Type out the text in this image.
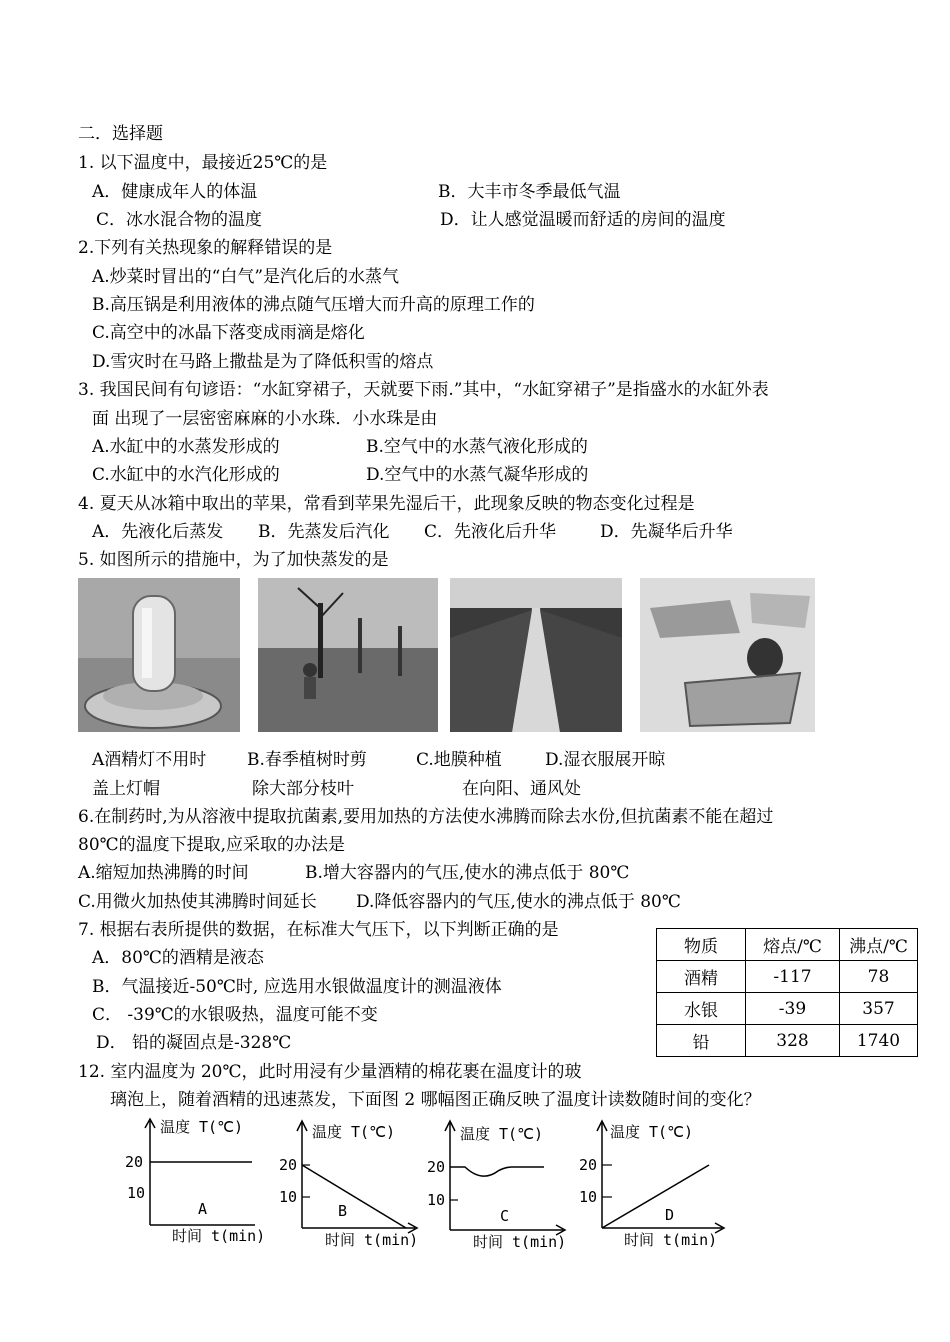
二．选择题
1. 以下温度中，最接近25℃的是
A．健康成年人的体温	B．大丰市冬季最低气温
C．冰水混合物的温度	D．让人感觉温暖而舒适的房间的温度
2.下列有关热现象的解释错误的是
A.炒菜时冒出的“白气”是汽化后的水蒸气
B.高压锅是利用液体的沸点随气压增大而升高的原理工作的
C.高空中的冰晶下落变成雨滴是熔化
D.雪灾时在马路上撒盐是为了降低积雪的熔点
3. 我国民间有句谚语：“水缸穿裙子，天就要下雨.”其中，“水缸穿裙子”是指盛水的水缸外表
面 出现了一层密密麻麻的小水珠．小水珠是由
A.水缸中的水蒸发形成的	B.空气中的水蒸气液化形成的
C.水缸中的水汽化形成的	D.空气中的水蒸气凝华形成的
4. 夏天从冰箱中取出的苹果，常看到苹果先湿后干，此现象反映的物态变化过程是
A．先液化后蒸发 B．先蒸发后汽化 C．先液化后升华	D．先凝华后升华
5. 如图所示的措施中，为了加快蒸发的是
A酒精灯不用时
盖上灯帽
B.春季植树时剪
除大部分枝叶
C.地膜种植	D.湿衣服展开晾
在向阳、通风处
6.在制药时,为从溶液中提取抗菌素,要用加热的方法使水沸腾而除去水份,但抗菌素不能在超过
80℃的温度下提取,应采取的办法是
A.缩短加热沸腾的时间	B.增大容器内的气压,使水的沸点低于 80℃
C.用微火加热使其沸腾时间延长 D.降低容器内的气压,使水的沸点低于 80℃
7. 根据右表所提供的数据，在标准大气压下，以下判断正确的是
A．80℃的酒精是液态
B．气温接近-50℃时, 应选用水银做温度计的测温液体
C． -39℃的水银吸热，温度可能不变
D． 铅的凝固点是-328℃
物质	熔点/℃	沸点/℃
酒精	-117	78
水银	-39	357
铅	328	1740
12. 室内温度为 20℃，此时用浸有少量酒精的棉花裹在温度计的玻
璃泡上，随着酒精的迅速蒸发，下面图 2 哪幅图正确反映了温度计读数随时间的变化？
温度 T(℃)
20
10
A
时间 t(min)
温度 T(℃)
20
10
B
时间 t(min)
温度 T(℃)
20
10
C
时间 t(min)
温度 T(℃)
20
10
D
时间 t(min)
